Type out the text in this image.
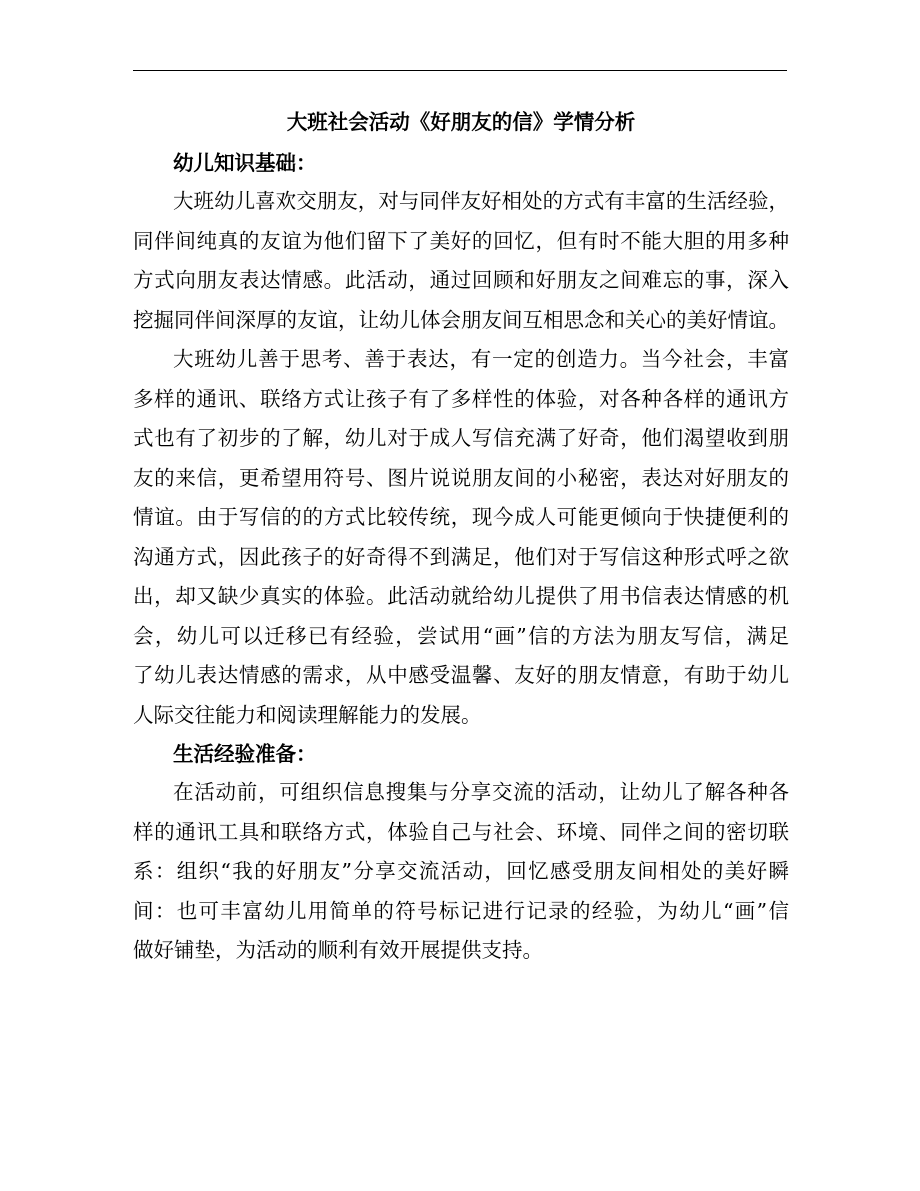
大班社会活动《好朋友的信》学情分析
幼儿知识基础：

大班幼儿喜欢交朋友，对与同伴友好相处的方式有丰富的生活经验，
同伴间纯真的友谊为他们留下了美好的回忆，但有时不能大胆的用多种
方式向朋友表达情感。此活动，通过回顾和好朋友之间难忘的事，深入
挖掘同伴间深厚的友谊，让幼儿体会朋友间互相思念和关心的美好情谊。

大班幼儿善于思考、善于表达，有一定的创造力。当今社会，丰富
多样的通讯、联络方式让孩子有了多样性的体验，对各种各样的通讯方
式也有了初步的了解，幼儿对于成人写信充满了好奇，他们渴望收到朋
友的来信，更希望用符号、图片说说朋友间的小秘密，表达对好朋友的
情谊。由于写信的的方式比较传统，现今成人可能更倾向于快捷便利的
沟通方式，因此孩子的好奇得不到满足，他们对于写信这种形式呼之欲
出，却又缺少真实的体验。此活动就给幼儿提供了用书信表达情感的机
会，幼儿可以迁移已有经验，尝试用“画”信的方法为朋友写信，满足
了幼儿表达情感的需求，从中感受温馨、友好的朋友情意，有助于幼儿
人际交往能力和阅读理解能力的发展。

生活经验准备：

在活动前，可组织信息搜集与分享交流的活动，让幼儿了解各种各
样的通讯工具和联络方式，体验自己与社会、环境、同伴之间的密切联
系：组织“我的好朋友”分享交流活动，回忆感受朋友间相处的美好瞬
间：也可丰富幼儿用简单的符号标记进行记录的经验，为幼儿“画”信
做好铺垫，为活动的顺利有效开展提供支持。
